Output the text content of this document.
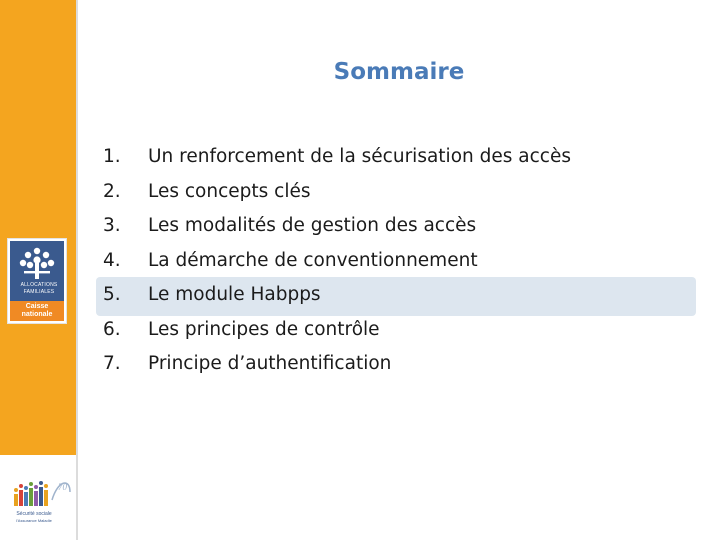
ALLOCATIONS
FAMILIALES
Caisse
nationale
70
Sécurité sociale
l'Assurance Maladie
Sommaire
1.	Un renforcement de la sécurisation des accès
2.	Les concepts clés
3.	Les modalités de gestion des accès
4.	La démarche de conventionnement
5.	Le module Habpps
6.	Les principes de contrôle
7.	Principe d’authentification
